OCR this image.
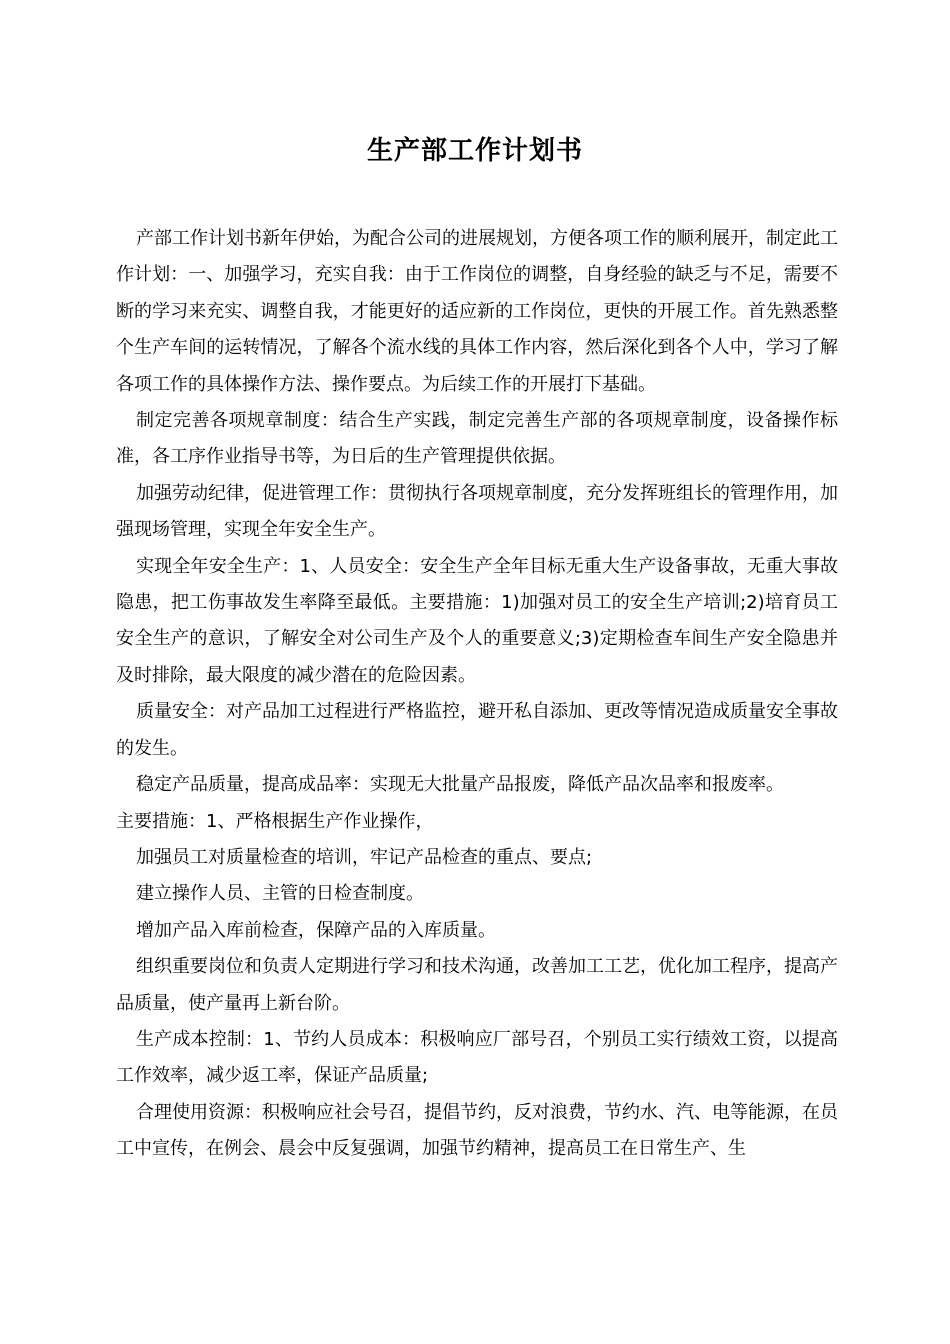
生产部工作计划书

产部工作计划书新年伊始，为配合公司的进展规划，方便各项工作的顺利展开，制定此工作计划：一、加强学习，充实自我：由于工作岗位的调整，自身经验的缺乏与不足，需要不断的学习来充实、调整自我，才能更好的适应新的工作岗位，更快的开展工作。首先熟悉整个生产车间的运转情况，了解各个流水线的具体工作内容，然后深化到各个人中，学习了解各项工作的具体操作方法、操作要点。为后续工作的开展打下基础。

制定完善各项规章制度：结合生产实践，制定完善生产部的各项规章制度，设备操作标准，各工序作业指导书等，为日后的生产管理提供依据。

加强劳动纪律，促进管理工作：贯彻执行各项规章制度，充分发挥班组长的管理作用，加强现场管理，实现全年安全生产。

实现全年安全生产：1、人员安全：安全生产全年目标无重大生产设备事故，无重大事故隐患，把工伤事故发生率降至最低。主要措施：1)加强对员工的安全生产培训;2)培育员工安全生产的意识，了解安全对公司生产及个人的重要意义;3)定期检查车间生产安全隐患并及时排除，最大限度的减少潜在的危险因素。

质量安全：对产品加工过程进行严格监控，避开私自添加、更改等情况造成质量安全事故的发生。

稳定产品质量，提高成品率：实现无大批量产品报废，降低产品次品率和报废率。

主要措施：1、严格根据生产作业操作，

加强员工对质量检查的培训，牢记产品检查的重点、要点;

建立操作人员、主管的日检查制度。

增加产品入库前检查，保障产品的入库质量。

组织重要岗位和负责人定期进行学习和技术沟通，改善加工工艺，优化加工程序，提高产品质量，使产量再上新台阶。

生产成本控制：1、节约人员成本：积极响应厂部号召，个别员工实行绩效工资，以提高工作效率，减少返工率，保证产品质量;

合理使用资源：积极响应社会号召，提倡节约，反对浪费，节约水、汽、电等能源，在员工中宣传，在例会、晨会中反复强调，加强节约精神，提高员工在日常生产、生
